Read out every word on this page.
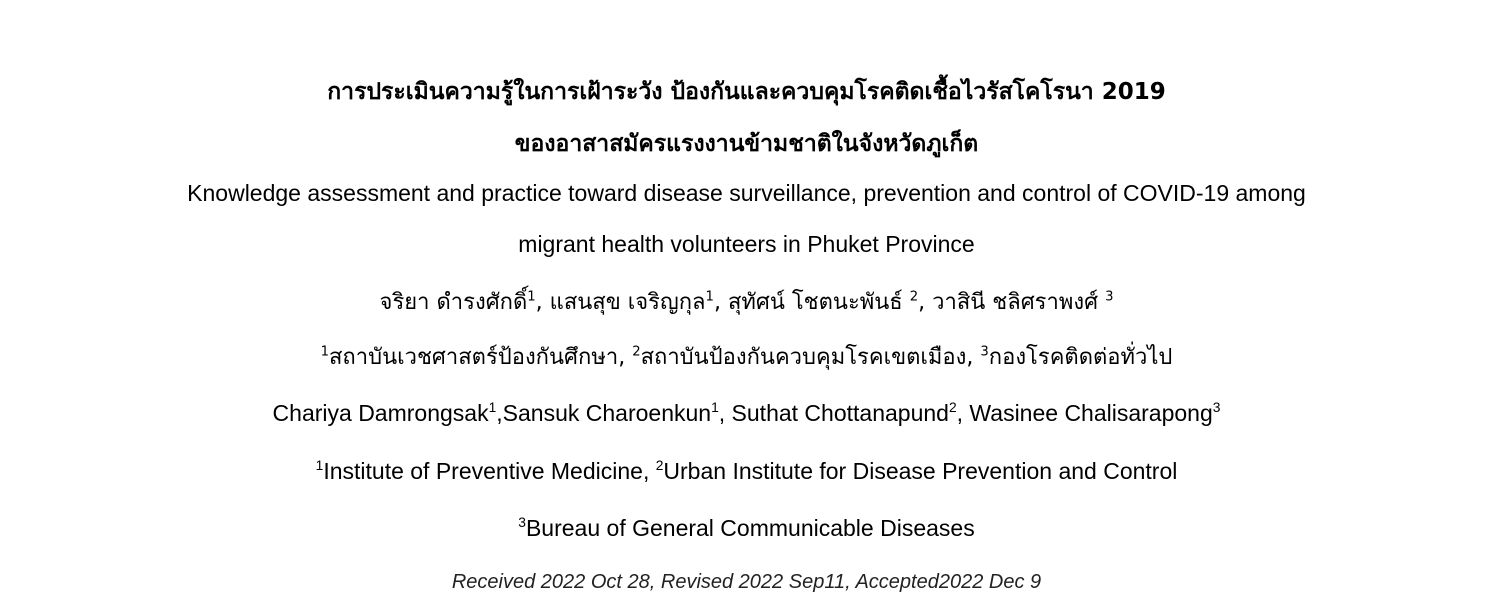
การประเมินความรู้ในการเฝ้าระวัง ป้องกันและควบคุมโรคติดเชื้อไวรัสโคโรนา 2019
ของอาสาสมัครแรงงานข้ามชาติในจังหวัดภูเก็ต
Knowledge assessment and practice toward disease surveillance, prevention and control of COVID-19 among
migrant health volunteers in Phuket Province
จริยา ดำรงศักดิ์$^1$, แสนสุข เจริญกุล$^1$, สุทัศน์ โชตนะพันธ์ $^2$, วาสินี ชลิศราพงศ์ $^3$
$^1$สถาบันเวชศาสตร์ป้องกันศึกษา, $^2$สถาบันป้องกันควบคุมโรคเขตเมือง, $^3$กองโรคติดต่อทั่วไป
Chariya Damrongsak$^1$,Sansuk Charoenkun$^1$, Suthat Chottanapund$^2$, Wasinee Chalisarapong$^3$
$^1$Institute of Preventive Medicine, $^2$Urban Institute for Disease Prevention and Control
$^3$Bureau of General Communicable Diseases
Received 2022 Oct 28, Revised 2022 Sep11, Accepted2022 Dec 9
